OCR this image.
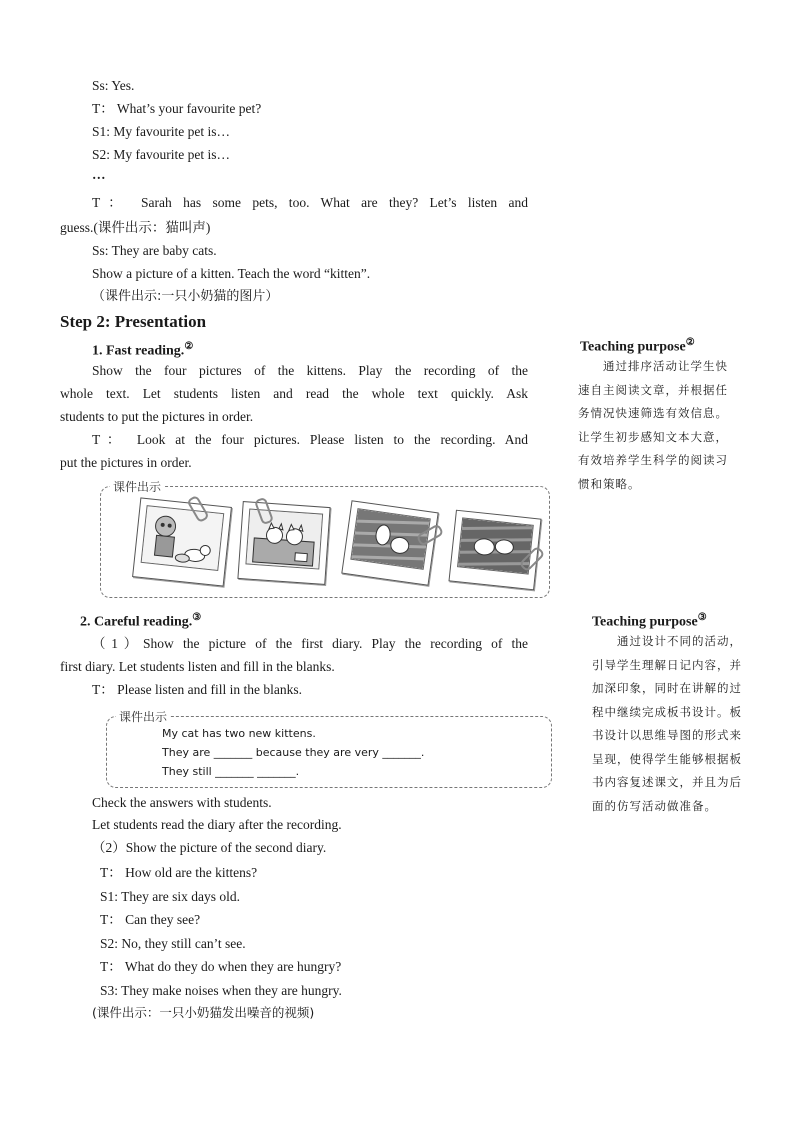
Ss: Yes.
T： What’s your favourite pet?
S1: My favourite pet is…
S2: My favourite pet is…
…
T： Sarah has some pets, too. What are they? Let’s listen and
guess.(课件出示：猫叫声)
Ss: They are baby cats.
Show a picture of a kitten. Teach the word “kitten”.
（课件出示:一只小奶猫的图片）
Step 2: Presentation
1. Fast reading.②
Show the four pictures of the kittens. Play the recording of the
whole text. Let students listen and read the whole text quickly. Ask
students to put the pictures in order.
T： Look at the four pictures. Please listen to the recording. And
put the pictures in order.
Teaching purpose②

　　通过排序活动让学生快

速自主阅读文章，并根据任

务情况快速筛选有效信息。

让学生初步感知文本大意，

有效培养学生科学的阅读习

惯和策略。

课件出示
2. Careful reading.③
（1）Show the picture of the first diary. Play the recording of the
first diary. Let students listen and fill in the blanks.
T： Please listen and fill in the blanks.
Teaching purpose③

　　通过设计不同的活动，

引导学生理解日记内容，并

加深印象，同时在讲解的过

程中继续完成板书设计。板

书设计以思维导图的形式来

呈现，使得学生能够根据板

书内容复述课文，并且为后

面的仿写活动做准备。

课件出示
My cat has two new kittens.
They are _______ because they are very _______.
They still _______ _______.
Check the answers with students.
Let students read the diary after the recording.
（2）Show the picture of the second diary.
T： How old are the kittens?
S1: They are six days old.
T： Can they see?
S2: No, they still can’t see.
T： What do they do when they are hungry?
S3: They make noises when they are hungry.
(课件出示：一只小奶猫发出噪音的视频)
